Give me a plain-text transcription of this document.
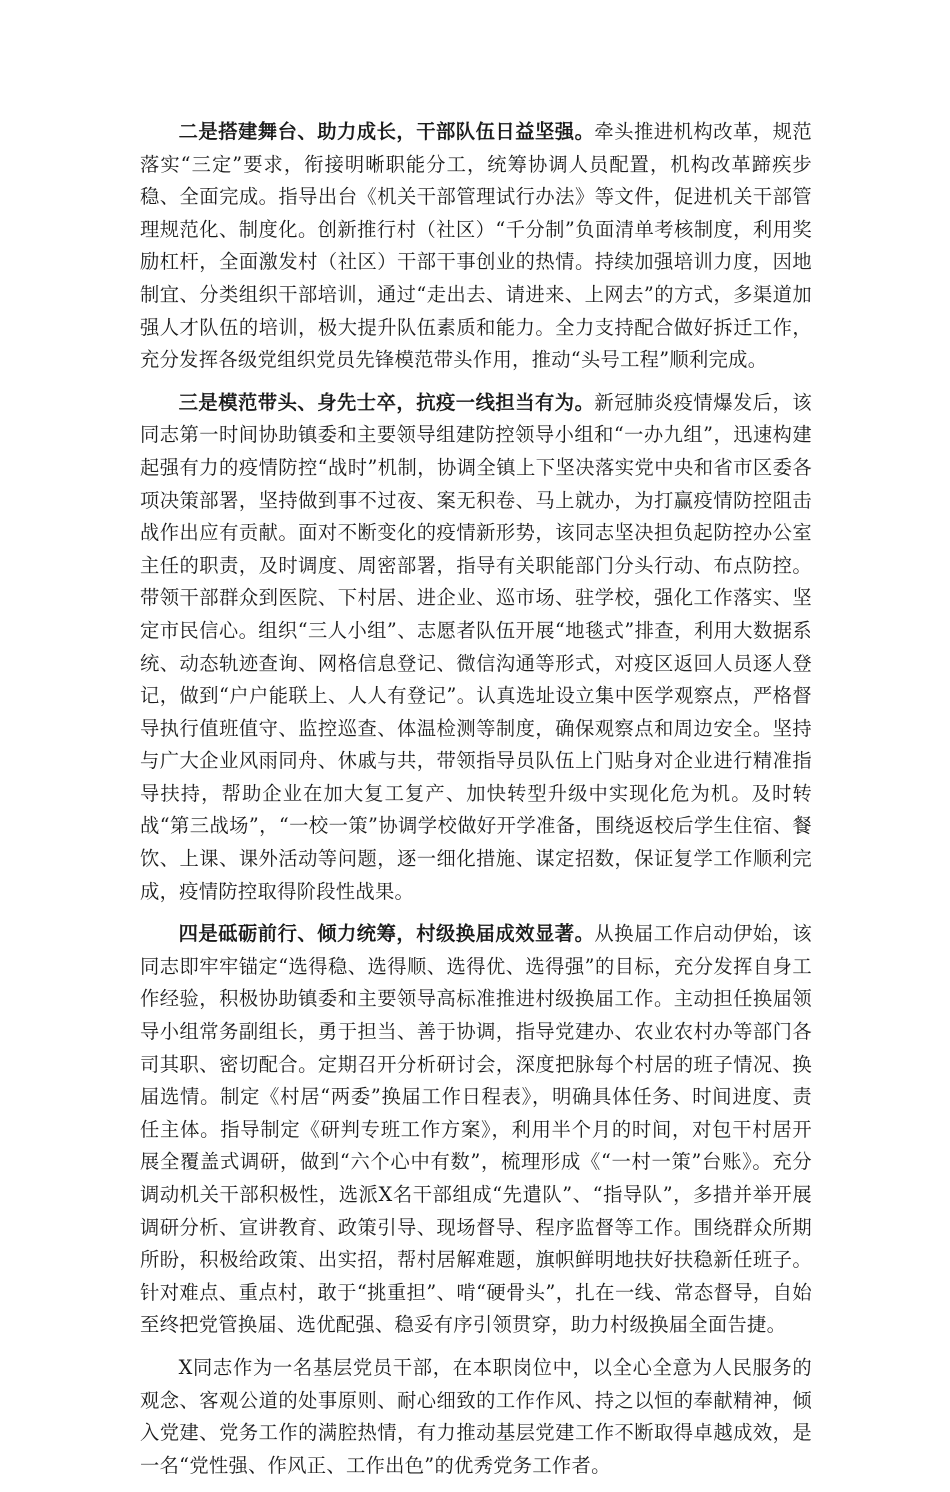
二是搭建舞台、助力成长，干部队伍日益坚强。牵头推进机构改革，规范落实“三定”要求，衔接明晰职能分工，统筹协调人员配置，机构改革蹄疾步稳、全面完成。指导出台《机关干部管理试行办法》等文件，促进机关干部管理规范化、制度化。创新推行村（社区）“千分制”负面清单考核制度，利用奖励杠杆，全面激发村（社区）干部干事创业的热情。持续加强培训力度，因地制宜、分类组织干部培训，通过“走出去、请进来、上网去”的方式，多渠道加强人才队伍的培训，极大提升队伍素质和能力。全力支持配合做好拆迁工作，充分发挥各级党组织党员先锋模范带头作用，推动“头号工程”顺利完成。

三是模范带头、身先士卒，抗疫一线担当有为。新冠肺炎疫情爆发后，该同志第一时间协助镇委和主要领导组建防控领导小组和“一办九组”，迅速构建起强有力的疫情防控“战时”机制，协调全镇上下坚决落实党中央和省市区委各项决策部署，坚持做到事不过夜、案无积卷、马上就办，为打赢疫情防控阻击战作出应有贡献。面对不断变化的疫情新形势，该同志坚决担负起防控办公室主任的职责，及时调度、周密部署，指导有关职能部门分头行动、布点防控。带领干部群众到医院、下村居、进企业、巡市场、驻学校，强化工作落实、坚定市民信心。组织“三人小组”、志愿者队伍开展“地毯式”排查，利用大数据系统、动态轨迹查询、网格信息登记、微信沟通等形式，对疫区返回人员逐人登记，做到“户户能联上、人人有登记”。认真选址设立集中医学观察点，严格督导执行值班值守、监控巡查、体温检测等制度，确保观察点和周边安全。坚持与广大企业风雨同舟、休戚与共，带领指导员队伍上门贴身对企业进行精准指导扶持，帮助企业在加大复工复产、加快转型升级中实现化危为机。及时转战“第三战场”，“一校一策”协调学校做好开学准备，围绕返校后学生住宿、餐饮、上课、课外活动等问题，逐一细化措施、谋定招数，保证复学工作顺利完成，疫情防控取得阶段性战果。

四是砥砺前行、倾力统筹，村级换届成效显著。从换届工作启动伊始，该同志即牢牢锚定“选得稳、选得顺、选得优、选得强”的目标，充分发挥自身工作经验，积极协助镇委和主要领导高标准推进村级换届工作。主动担任换届领导小组常务副组长，勇于担当、善于协调，指导党建办、农业农村办等部门各司其职、密切配合。定期召开分析研讨会，深度把脉每个村居的班子情况、换届选情。制定《村居“两委”换届工作日程表》，明确具体任务、时间进度、责任主体。指导制定《研判专班工作方案》，利用半个月的时间，对包干村居开展全覆盖式调研，做到“六个心中有数”，梳理形成《“一村一策”台账》。充分调动机关干部积极性，选派X名干部组成“先遣队”、“指导队”，多措并举开展调研分析、宣讲教育、政策引导、现场督导、程序监督等工作。围绕群众所期所盼，积极给政策、出实招，帮村居解难题，旗帜鲜明地扶好扶稳新任班子。针对难点、重点村，敢于“挑重担”、啃“硬骨头”，扎在一线、常态督导，自始至终把党管换届、选优配强、稳妥有序引领贯穿，助力村级换届全面告捷。

X同志作为一名基层党员干部，在本职岗位中，以全心全意为人民服务的观念、客观公道的处事原则、耐心细致的工作作风、持之以恒的奉献精神，倾入党建、党务工作的满腔热情，有力推动基层党建工作不断取得卓越成效，是一名“党性强、作风正、工作出色”的优秀党务工作者。
